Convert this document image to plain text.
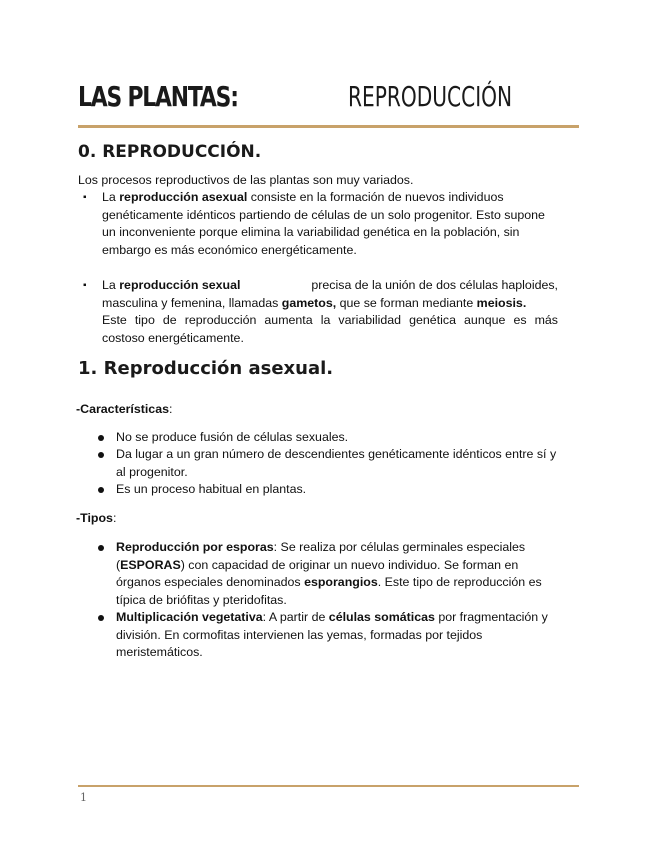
LAS PLANTAS:	REPRODUCCIÓN
0. REPRODUCCIÓN.
Los procesos reproductivos de las plantas son muy variados.
▪ La reproducción asexual consiste en la formación de nuevos individuos
genéticamente idénticos partiendo de células de un solo progenitor. Esto supone
un inconveniente porque elimina la variabilidad genética en la población, sin
embargo es más económico energéticamente.
▪ La reproducción sexual	precisa de la unión de dos células haploides,
masculina y femenina, llamadas gametos, que se forman mediante meiosis.
Este tipo de reproducción aumenta la variabilidad genética aunque es más
costoso energéticamente.
1. Reproducción asexual.
-Características:
No se produce fusión de células sexuales.
Da lugar a un gran número de descendientes genéticamente idénticos entre sí y
al progenitor.
Es un proceso habitual en plantas.
-Tipos:
Reproducción por esporas: Se realiza por células germinales especiales
(ESPORAS) con capacidad de originar un nuevo individuo. Se forman en
órganos especiales denominados esporangios. Este tipo de reproducción es
típica de briófitas y pteridofitas.
Multiplicación vegetativa: A partir de células somáticas por fragmentación y
división. En cormofitas intervienen las yemas, formadas por tejidos
meristemáticos.
1
